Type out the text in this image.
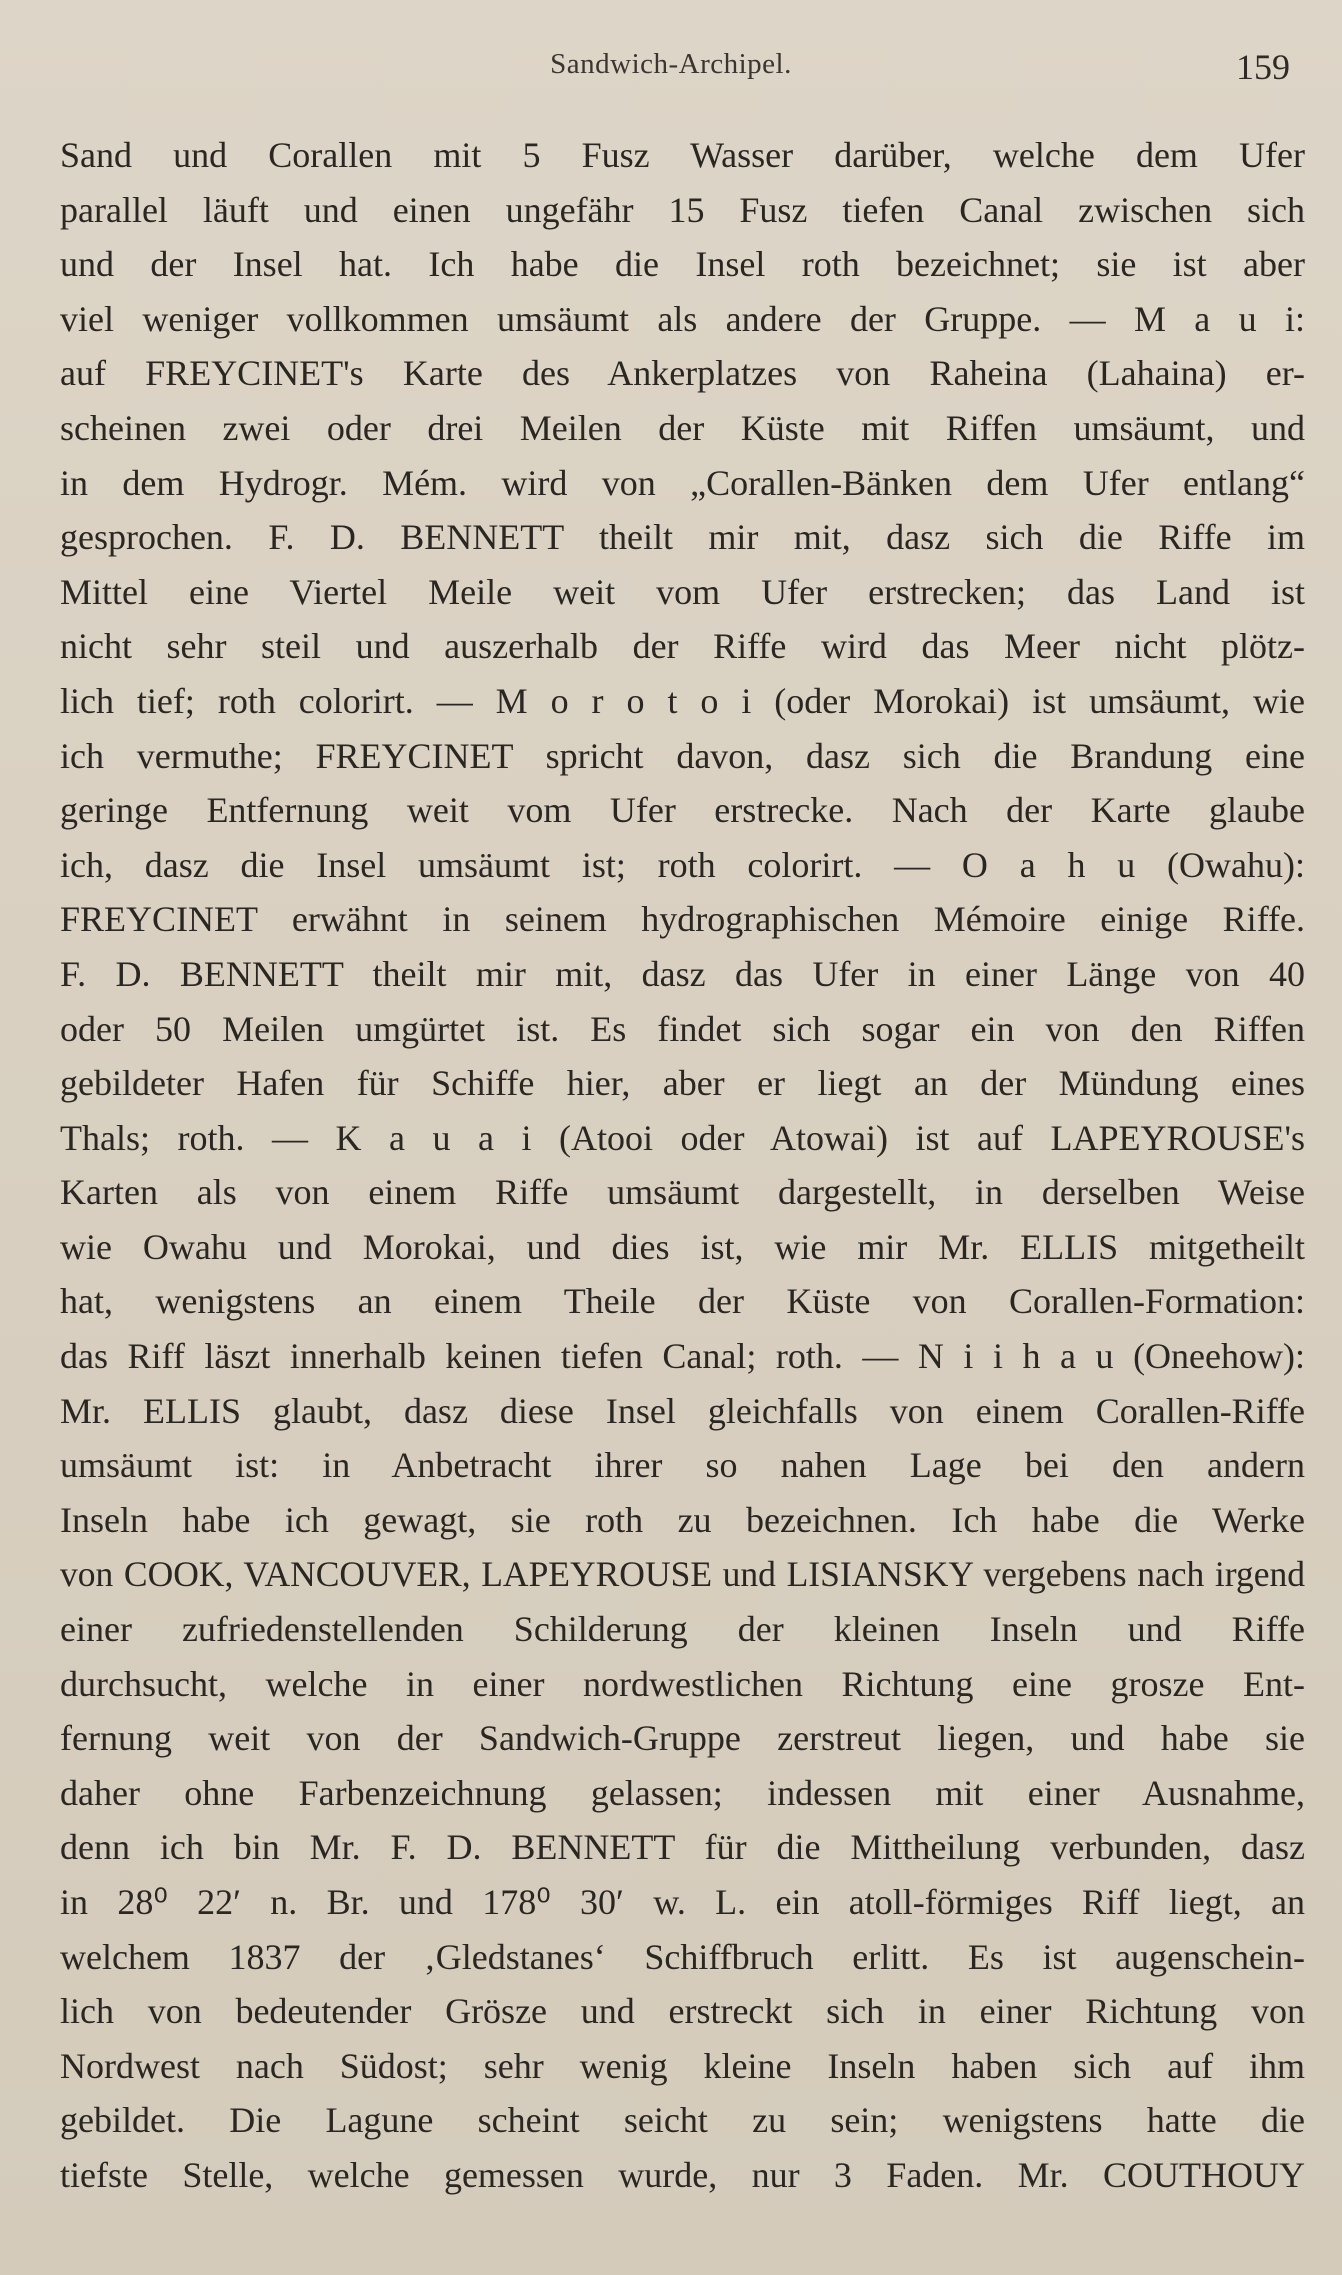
Sandwich-Archipel.	159
Sand und Corallen mit 5 Fusz Wasser darüber, welche dem Ufer
parallel läuft und einen ungefähr 15 Fusz tiefen Canal zwischen sich
und der Insel hat. Ich habe die Insel roth bezeichnet; sie ist aber
viel weniger vollkommen umsäumt als andere der Gruppe. — M a u i:
auf FREYCINET's Karte des Ankerplatzes von Raheina (Lahaina) er-
scheinen zwei oder drei Meilen der Küste mit Riffen umsäumt, und
in dem Hydrogr. Mém. wird von „Corallen-Bänken dem Ufer entlang“
gesprochen. F. D. BENNETT theilt mir mit, dasz sich die Riffe im
Mittel eine Viertel Meile weit vom Ufer erstrecken; das Land ist
nicht sehr steil und auszerhalb der Riffe wird das Meer nicht plötz-
lich tief; roth colorirt. — M o r o t o i (oder Morokai) ist umsäumt, wie
ich vermuthe; FREYCINET spricht davon, dasz sich die Brandung eine
geringe Entfernung weit vom Ufer erstrecke. Nach der Karte glaube
ich, dasz die Insel umsäumt ist; roth colorirt. — O a h u (Owahu):
FREYCINET erwähnt in seinem hydrographischen Mémoire einige Riffe.
F. D. BENNETT theilt mir mit, dasz das Ufer in einer Länge von 40
oder 50 Meilen umgürtet ist. Es findet sich sogar ein von den Riffen
gebildeter Hafen für Schiffe hier, aber er liegt an der Mündung eines
Thals; roth. — K a u a i (Atooi oder Atowai) ist auf LAPEYROUSE's
Karten als von einem Riffe umsäumt dargestellt, in derselben Weise
wie Owahu und Morokai, und dies ist, wie mir Mr. ELLIS mitgetheilt
hat, wenigstens an einem Theile der Küste von Corallen-Formation:
das Riff läszt innerhalb keinen tiefen Canal; roth. — N i i h a u (Oneehow):
Mr. ELLIS glaubt, dasz diese Insel gleichfalls von einem Corallen-Riffe
umsäumt ist: in Anbetracht ihrer so nahen Lage bei den andern
Inseln habe ich gewagt, sie roth zu bezeichnen. Ich habe die Werke
von COOK, VANCOUVER, LAPEYROUSE und LISIANSKY vergebens nach irgend
einer zufriedenstellenden Schilderung der kleinen Inseln und Riffe
durchsucht, welche in einer nordwestlichen Richtung eine grosze Ent-
fernung weit von der Sandwich-Gruppe zerstreut liegen, und habe sie
daher ohne Farbenzeichnung gelassen; indessen mit einer Ausnahme,
denn ich bin Mr. F. D. BENNETT für die Mittheilung verbunden, dasz
in 28⁰ 22′ n. Br. und 178⁰ 30′ w. L. ein atoll-förmiges Riff liegt, an
welchem 1837 der ‚Gledstanes‘ Schiffbruch erlitt. Es ist augenschein-
lich von bedeutender Grösze und erstreckt sich in einer Richtung von
Nordwest nach Südost; sehr wenig kleine Inseln haben sich auf ihm
gebildet. Die Lagune scheint seicht zu sein; wenigstens hatte die
tiefste Stelle, welche gemessen wurde, nur 3 Faden. Mr. COUTHOUY
